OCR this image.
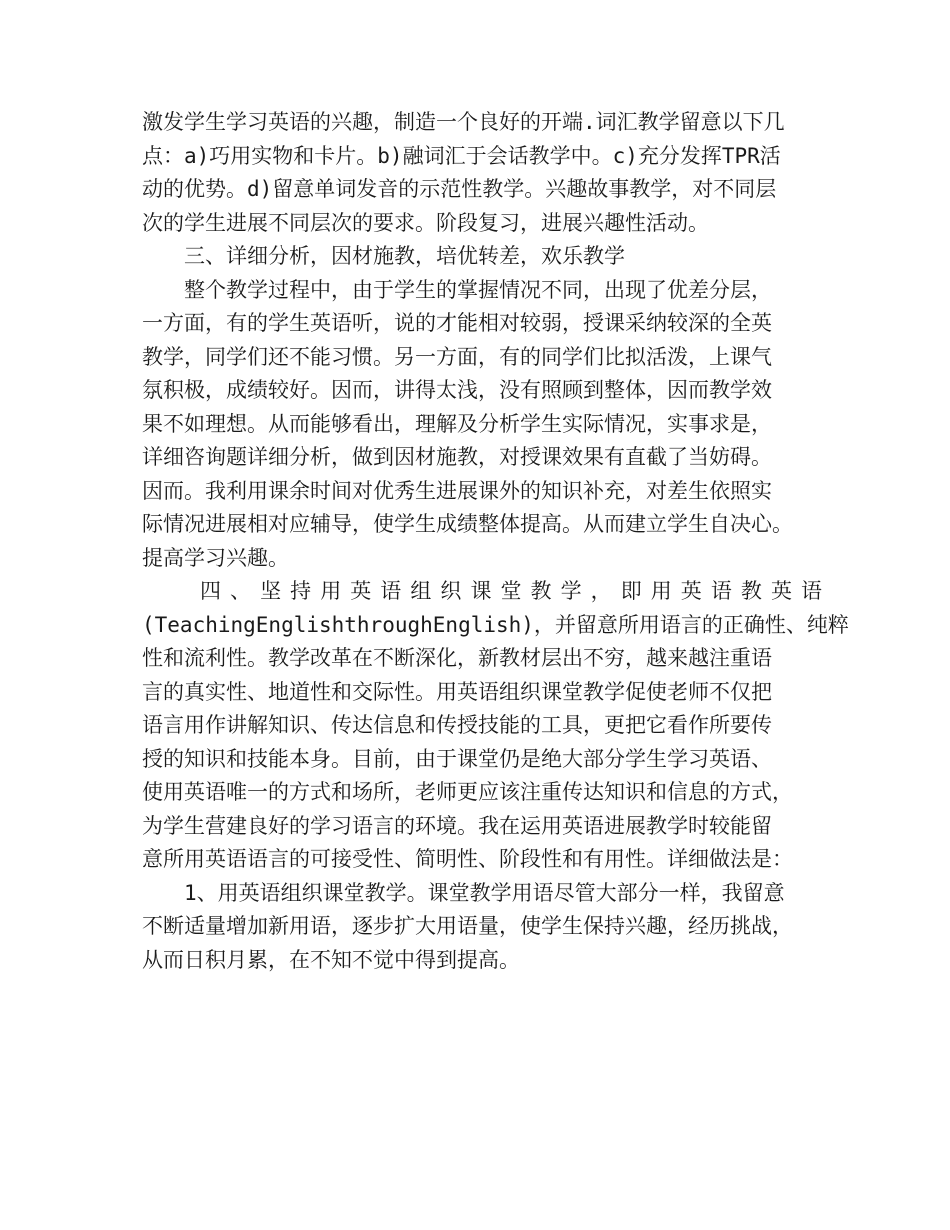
激发学生学习英语的兴趣，制造一个良好的开端.词汇教学留意以下几
点：a)巧用实物和卡片。b)融词汇于会话教学中。c)充分发挥TPR活
动的优势。d)留意单词发音的示范性教学。兴趣故事教学，对不同层
次的学生进展不同层次的要求。阶段复习，进展兴趣性活动。
三、详细分析，因材施教，培优转差，欢乐教学
整个教学过程中，由于学生的掌握情况不同，出现了优差分层，
一方面，有的学生英语听，说的才能相对较弱，授课采纳较深的全英
教学，同学们还不能习惯。另一方面，有的同学们比拟活泼，上课气
氛积极，成绩较好。因而，讲得太浅，没有照顾到整体，因而教学效
果不如理想。从而能够看出，理解及分析学生实际情况，实事求是，
详细咨询题详细分析，做到因材施教，对授课效果有直截了当妨碍。
因而。我利用课余时间对优秀生进展课外的知识补充，对差生依照实
际情况进展相对应辅导，使学生成绩整体提高。从而建立学生自决心。
提高学习兴趣。
四、坚持用英语组织课堂教学，即用英语教英语
(TeachingEnglishthroughEnglish)，并留意所用语言的正确性、纯粹
性和流利性。教学改革在不断深化，新教材层出不穷，越来越注重语
言的真实性、地道性和交际性。用英语组织课堂教学促使老师不仅把
语言用作讲解知识、传达信息和传授技能的工具，更把它看作所要传
授的知识和技能本身。目前，由于课堂仍是绝大部分学生学习英语、
使用英语唯一的方式和场所，老师更应该注重传达知识和信息的方式，
为学生营建良好的学习语言的环境。我在运用英语进展教学时较能留
意所用英语语言的可接受性、简明性、阶段性和有用性。详细做法是：
1、用英语组织课堂教学。课堂教学用语尽管大部分一样，我留意
不断适量增加新用语，逐步扩大用语量，使学生保持兴趣，经历挑战，
从而日积月累，在不知不觉中得到提高。
